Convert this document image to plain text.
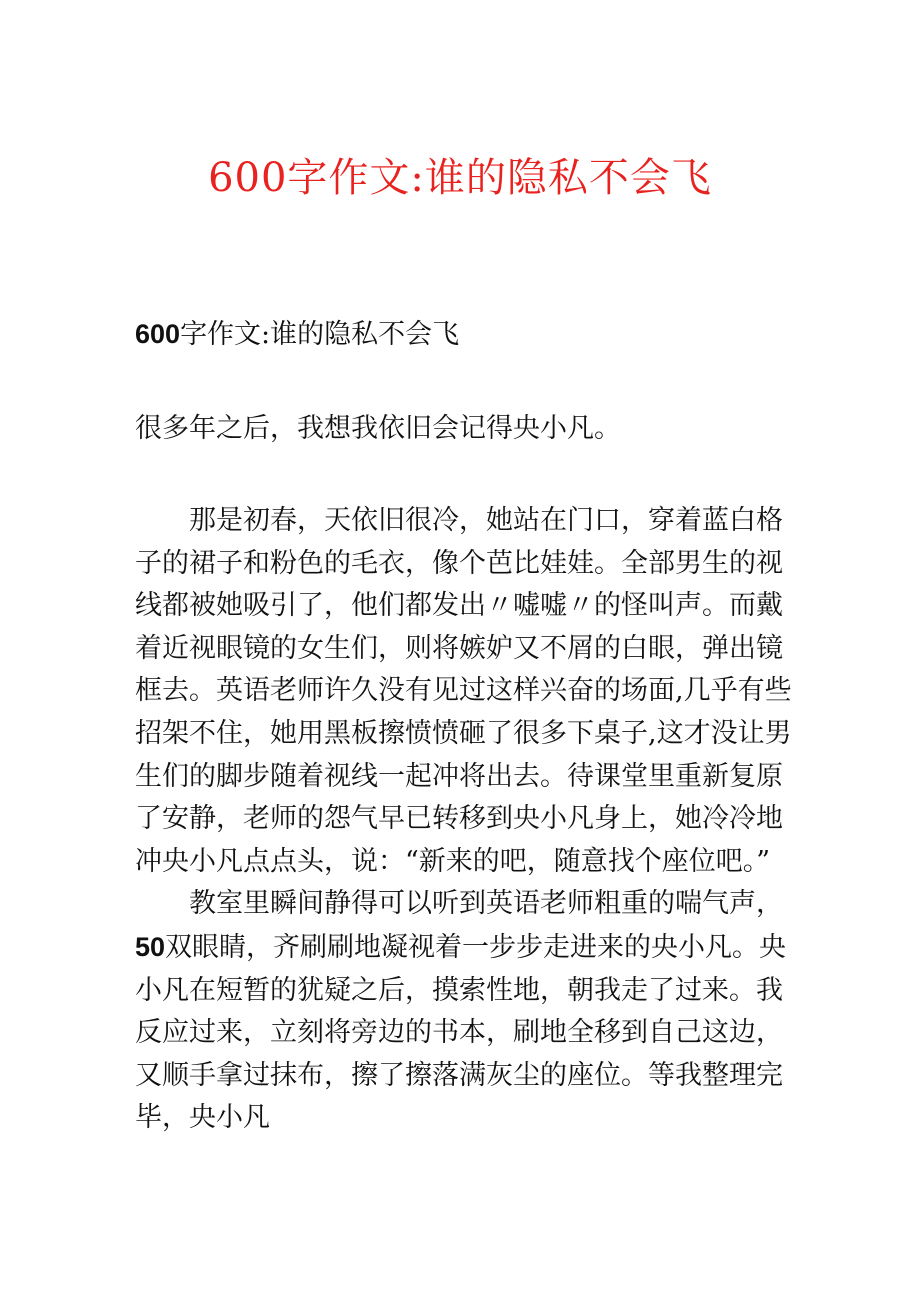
600字作文:谁的隐私不会飞
600字作文:谁的隐私不会飞
很多年之后，我想我依旧会记得央小凡。

那是初春，天依旧很冷，她站在门口，穿着蓝白格子的裙子和粉色的毛衣，像个芭比娃娃。全部男生的视线都被她吸引了，他们都发出〃嘘嘘〃的怪叫声。而戴着近视眼镜的女生们，则将嫉妒又不屑的白眼，弹出镜框去。英语老师许久没有见过这样兴奋的场面,几乎有些招架不住，她用黑板擦愤愤砸了很多下桌子,这才没让男生们的脚步随着视线一起冲将出去。待课堂里重新复原了安静，老师的怨气早已转移到央小凡身上，她冷冷地冲央小凡点点头，说：“新来的吧，随意找个座位吧。”

教室里瞬间静得可以听到英语老师粗重的喘气声，50双眼睛，齐刷刷地凝视着一步步走进来的央小凡。央小凡在短暂的犹疑之后，摸索性地，朝我走了过来。我反应过来，立刻将旁边的书本，刷地全移到自己这边，又顺手拿过抹布，擦了擦落满灰尘的座位。等我整理完毕，央小凡
